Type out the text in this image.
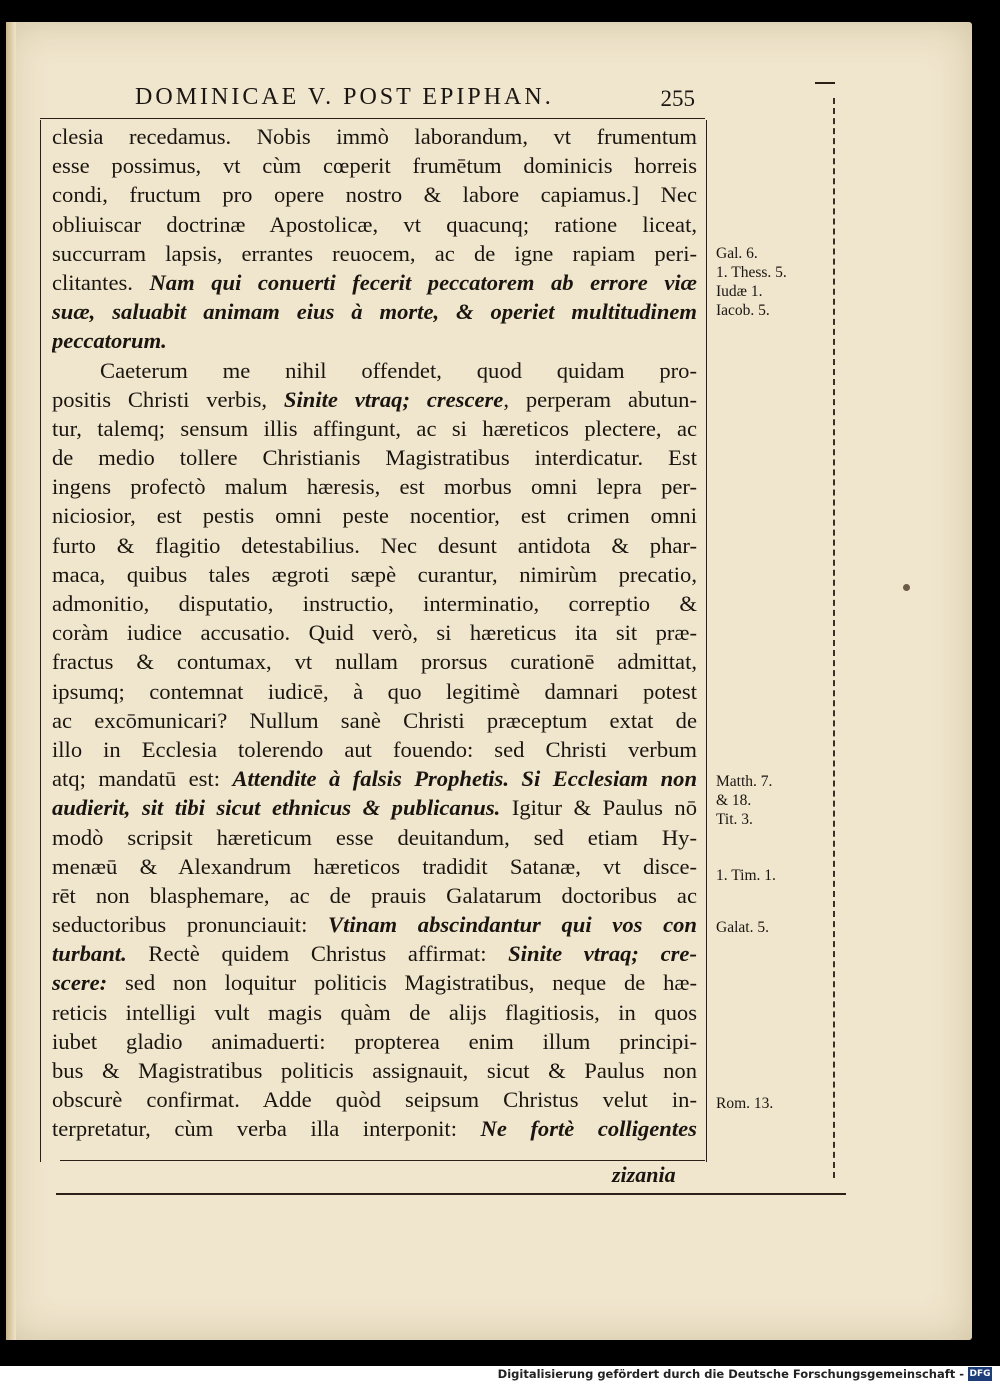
DOMINICAE V. POST EPIPHAN.	255
clesia recedamus. Nobis immò laborandum, vt frumentum
esse possimus, vt cùm cœperit frumētum dominicis horreis
condi, fructum pro opere nostro & labore capiamus.] Nec
obliuiscar doctrinæ Apostolicæ, vt quacunq; ratione liceat,
succurram lapsis, errantes reuocem, ac de igne rapiam peri-
clitantes. Nam qui conuerti fecerit peccatorem ab errore viæ
suæ, saluabit animam eius à morte, & operiet multitudinem
peccatorum.
Caeterum me nihil offendet, quod quidam pro-
positis Christi verbis, Sinite vtraq; crescere, perperam abutun-
tur, talemq; sensum illis affingunt, ac si hæreticos plectere, ac
de medio tollere Christianis Magistratibus interdicatur. Est
ingens profectò malum hæresis, est morbus omni lepra per-
niciosior, est pestis omni peste nocentior, est crimen omni
furto & flagitio detestabilius. Nec desunt antidota & phar-
maca, quibus tales ægroti sæpè curantur, nimirùm precatio,
admonitio, disputatio, instructio, interminatio, correptio &
coràm iudice accusatio. Quid verò, si hæreticus ita sit præ-
fractus & contumax, vt nullam prorsus curationē admittat,
ipsumq; contemnat iudicē, à quo legitimè damnari potest
ac excōmunicari? Nullum sanè Christi præceptum extat de
illo in Ecclesia tolerendo aut fouendo: sed Christi verbum
atq; mandatū est: Attendite à falsis Prophetis. Si Ecclesiam non
audierit, sit tibi sicut ethnicus & publicanus. Igitur & Paulus nō
modò scripsit hæreticum esse deuitandum, sed etiam Hy-
menæū & Alexandrum hæreticos tradidit Satanæ, vt disce-
rēt non blasphemare, ac de prauis Galatarum doctoribus ac
seductoribus pronunciauit: Vtinam abscindantur qui vos con
turbant. Rectè quidem Christus affirmat: Sinite vtraq; cre-
scere: sed non loquitur politicis Magistratibus, neque de hæ-
reticis intelligi vult magis quàm de alijs flagitiosis, in quos
iubet gladio animaduerti: propterea enim illum principi-
bus & Magistratibus politicis assignauit, sicut & Paulus non
obscurè confirmat. Adde quòd seipsum Christus velut in-
terpretatur, cùm verba illa interponit: Ne fortè colligentes
zizania
Gal. 6.
1. Thess. 5.
Iudæ 1.
Iacob. 5.
Matth. 7.
& 18.
Tit. 3.
1. Tim. 1.
Galat. 5.
Rom. 13.
Digitalisierung gefördert durch die Deutsche Forschungsgemeinschaft - DFG
